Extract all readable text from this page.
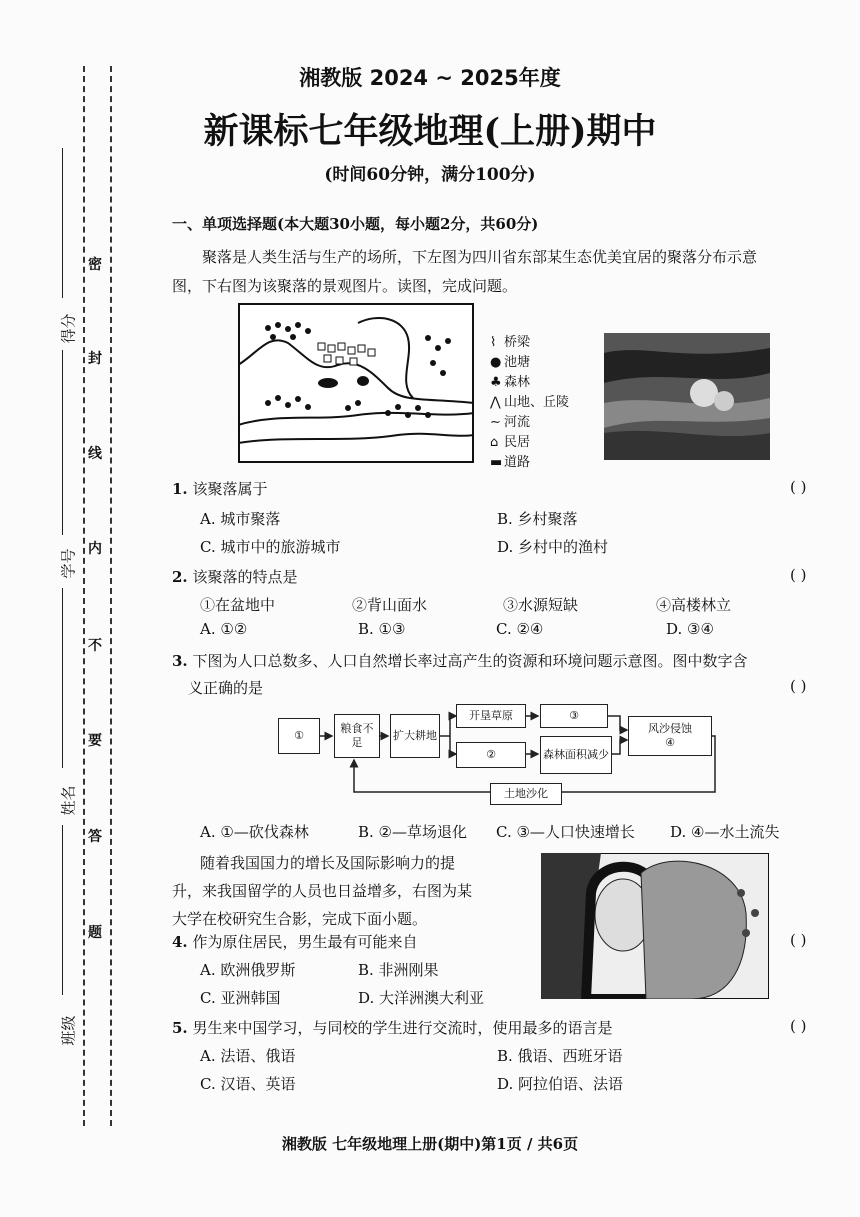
密
封
线
内
不
要
答
题
得分
学号
姓名
班级
湘教版 2024 ~ 2025年度
新课标七年级地理(上册)期中
(时间60分钟，满分100分)
一、单项选择题(本大题30小题，每小题2分，共60分)
聚落是人类生活与生产的场所，下左图为四川省东部某生态优美宜居的聚落分布示意
图，下右图为该聚落的景观图片。读图，完成问题。
⌇ 桥梁
● 池塘
♣ 森林
⋀ 山地、丘陵
∼ 河流
⌂ 民居
▬ 道路
1. 该聚落属于	( )
A. 城市聚落	B. 乡村聚落
C. 城市中的旅游城市	D. 乡村中的渔村
2. 该聚落的特点是	( )
①在盆地中	②背山面水	③水源短缺	④高楼林立
A. ①②	B. ①③	C. ②④	D. ③④
3. 下图为人口总数多、人口自然增长率过高产生的资源和环境问题示意图。图中数字含
义正确的是	( )
①
粮食不足
扩大耕地
开垦草原	③
②	森林面积减少
风沙侵蚀
④
土地沙化
A. ①—砍伐森林	B. ②—草场退化 C. ③—人口快速增长 D. ④—水土流失
随着我国国力的增长及国际影响力的提
升，来我国留学的人员也日益增多，右图为某
大学在校研究生合影，完成下面小题。
4. 作为原住居民，男生最有可能来自	( )
A. 欧洲俄罗斯	B. 非洲刚果
C. 亚洲韩国	D. 大洋洲澳大利亚
5. 男生来中国学习，与同校的学生进行交流时，使用最多的语言是	( )
A. 法语、俄语	B. 俄语、西班牙语
C. 汉语、英语	D. 阿拉伯语、法语
湘教版 七年级地理上册(期中)第1页 / 共6页
